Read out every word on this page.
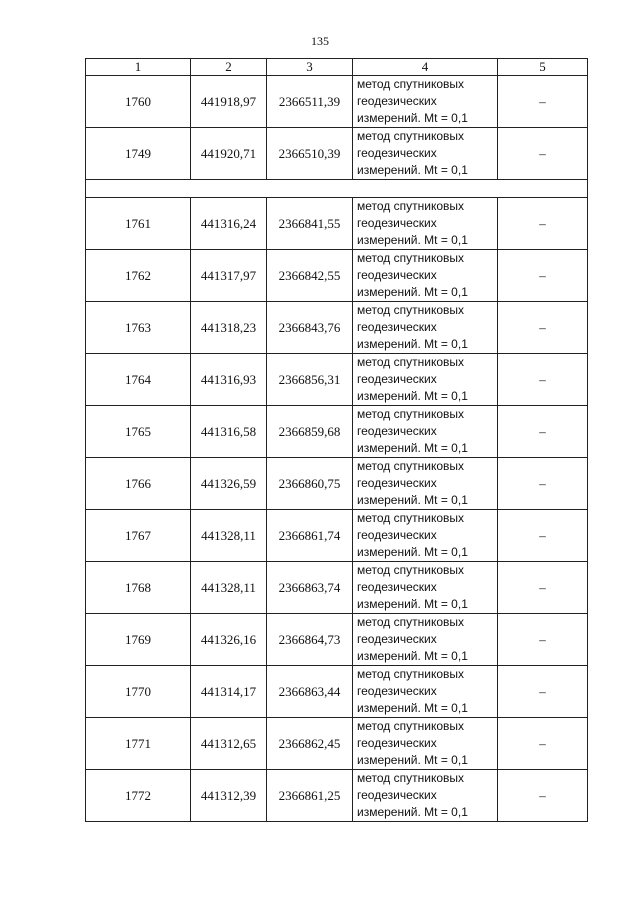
135
1	2	3	4	5
1760	441918,97	2366511,39	метод спутниковых
геодезических
измерений. Mt = 0,1	–
1749	441920,71	2366510,39	метод спутниковых
геодезических
измерений. Mt = 0,1	–

1761	441316,24	2366841,55	метод спутниковых
геодезических
измерений. Mt = 0,1	–
1762	441317,97	2366842,55	метод спутниковых
геодезических
измерений. Mt = 0,1	–
1763	441318,23	2366843,76	метод спутниковых
геодезических
измерений. Mt = 0,1	–
1764	441316,93	2366856,31	метод спутниковых
геодезических
измерений. Mt = 0,1	–
1765	441316,58	2366859,68	метод спутниковых
геодезических
измерений. Mt = 0,1	–
1766	441326,59	2366860,75	метод спутниковых
геодезических
измерений. Mt = 0,1	–
1767	441328,11	2366861,74	метод спутниковых
геодезических
измерений. Mt = 0,1	–
1768	441328,11	2366863,74	метод спутниковых
геодезических
измерений. Mt = 0,1	–
1769	441326,16	2366864,73	метод спутниковых
геодезических
измерений. Mt = 0,1	–
1770	441314,17	2366863,44	метод спутниковых
геодезических
измерений. Mt = 0,1	–
1771	441312,65	2366862,45	метод спутниковых
геодезических
измерений. Mt = 0,1	–
1772	441312,39	2366861,25	метод спутниковых
геодезических
измерений. Mt = 0,1	–
